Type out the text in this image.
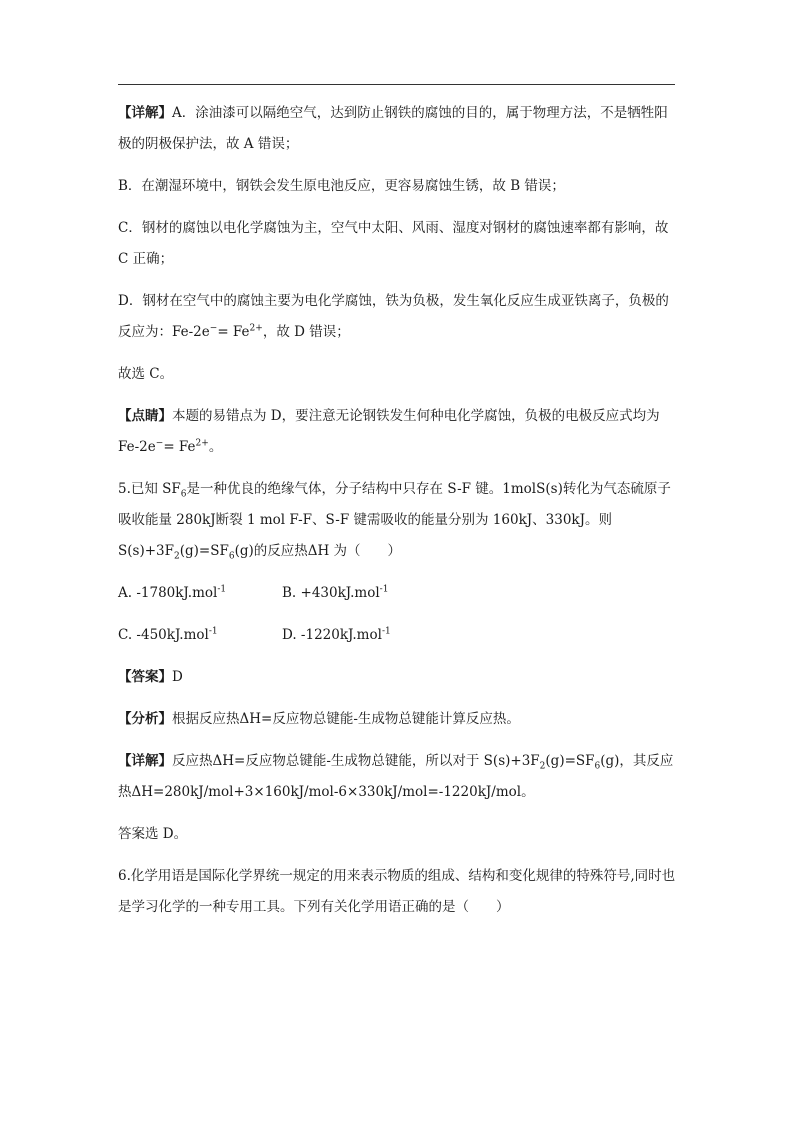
【详解】A．涂油漆可以隔绝空气，达到防止钢铁的腐蚀的目的，属于物理方法，不是牺牲阳极的阴极保护法，故 A 错误；

B．在潮湿环境中，钢铁会发生原电池反应，更容易腐蚀生锈，故 B 错误；

C．钢材的腐蚀以电化学腐蚀为主，空气中太阳、风雨、湿度对钢材的腐蚀速率都有影响，故 C 正确；

D．钢材在空气中的腐蚀主要为电化学腐蚀，铁为负极，发生氧化反应生成亚铁离子，负极的反应为：$Fe-2e^-= Fe^{2+}$，故 D 错误；

故选 C。

【点睛】本题的易错点为 D，要注意无论钢铁发生何种电化学腐蚀，负极的电极反应式均为 $Fe-2e^-= Fe^{2+}$。

5.已知 $SF_6$是一种优良的绝缘气体，分子结构中只存在 S-F 键。1molS(s)转化为气态硫原子吸收能量 280kJ断裂 1 mol F-F、S-F 键需吸收的能量分别为 160kJ、330kJ。则 $S(s)+3F_2(g)=SF_6(g)$的反应热ΔH 为（　　）

A. -1780kJ.mol$^{-1}$	B. +430kJ.mol$^{-1}$
C. -450kJ.mol$^{-1}$	D. -1220kJ.mol$^{-1}$

【答案】D

【分析】根据反应热ΔH=反应物总键能-生成物总键能计算反应热。

【详解】反应热ΔH=反应物总键能-生成物总键能，所以对于 $S(s)+3F_2(g)=SF_6(g)$，其反应热ΔH=280kJ/mol+3×160kJ/mol-6×330kJ/mol=-1220kJ/mol。

答案选 D。

6.化学用语是国际化学界统一规定的用来表示物质的组成、结构和变化规律的特殊符号,同时也是学习化学的一种专用工具。下列有关化学用语正确的是（　　）
